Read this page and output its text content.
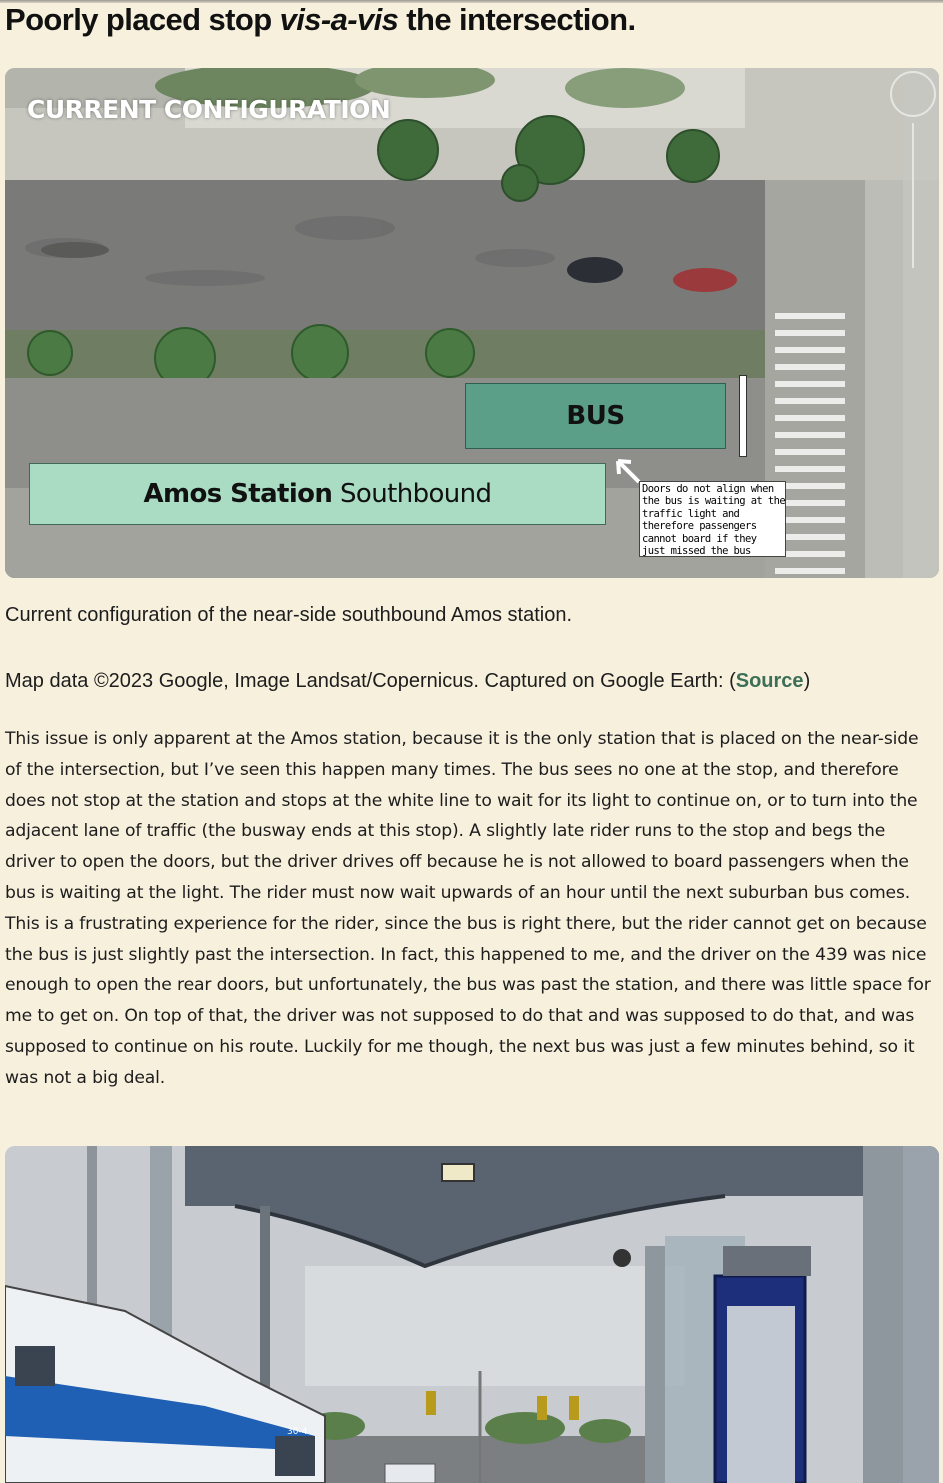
Poorly placed stop vis-a-vis the intersection.
CURRENT CONFIGURATION
BUS
Amos Station Southbound	Doors do not align when
the bus is waiting at the
traffic light and
therefore passengers
cannot board if they
just missed the bus

Current configuration of the near-side southbound Amos station.

Map data ©2023 Google, Image Landsat/Copernicus. Captured on Google Earth: (Source)

This issue is only apparent at the Amos station, because it is the only station that is placed on the near-side of the intersection, but I’ve seen this happen many times. The bus sees no one at the stop, and therefore does not stop at the station and stops at the white line to wait for its light to continue on, or to turn into the adjacent lane of traffic (the busway ends at this stop). A slightly late rider runs to the stop and begs the driver to open the doors, but the driver drives off because he is not allowed to board passengers when the bus is waiting at the light. The rider must now wait upwards of an hour until the next suburban bus comes. This is a frustrating experience for the rider, since the bus is right there, but the rider cannot get on because the bus is just slightly past the intersection. In fact, this happened to me, and the driver on the 439 was nice enough to open the rear doors, but unfortunately, the bus was past the station, and there was little space for me to get on. On top of that, the driver was not supposed to do that and was supposed to do that, and was supposed to continue on his route. Luckily for me though, the next bus was just a few minutes behind, so it was not a big deal.

30-4
